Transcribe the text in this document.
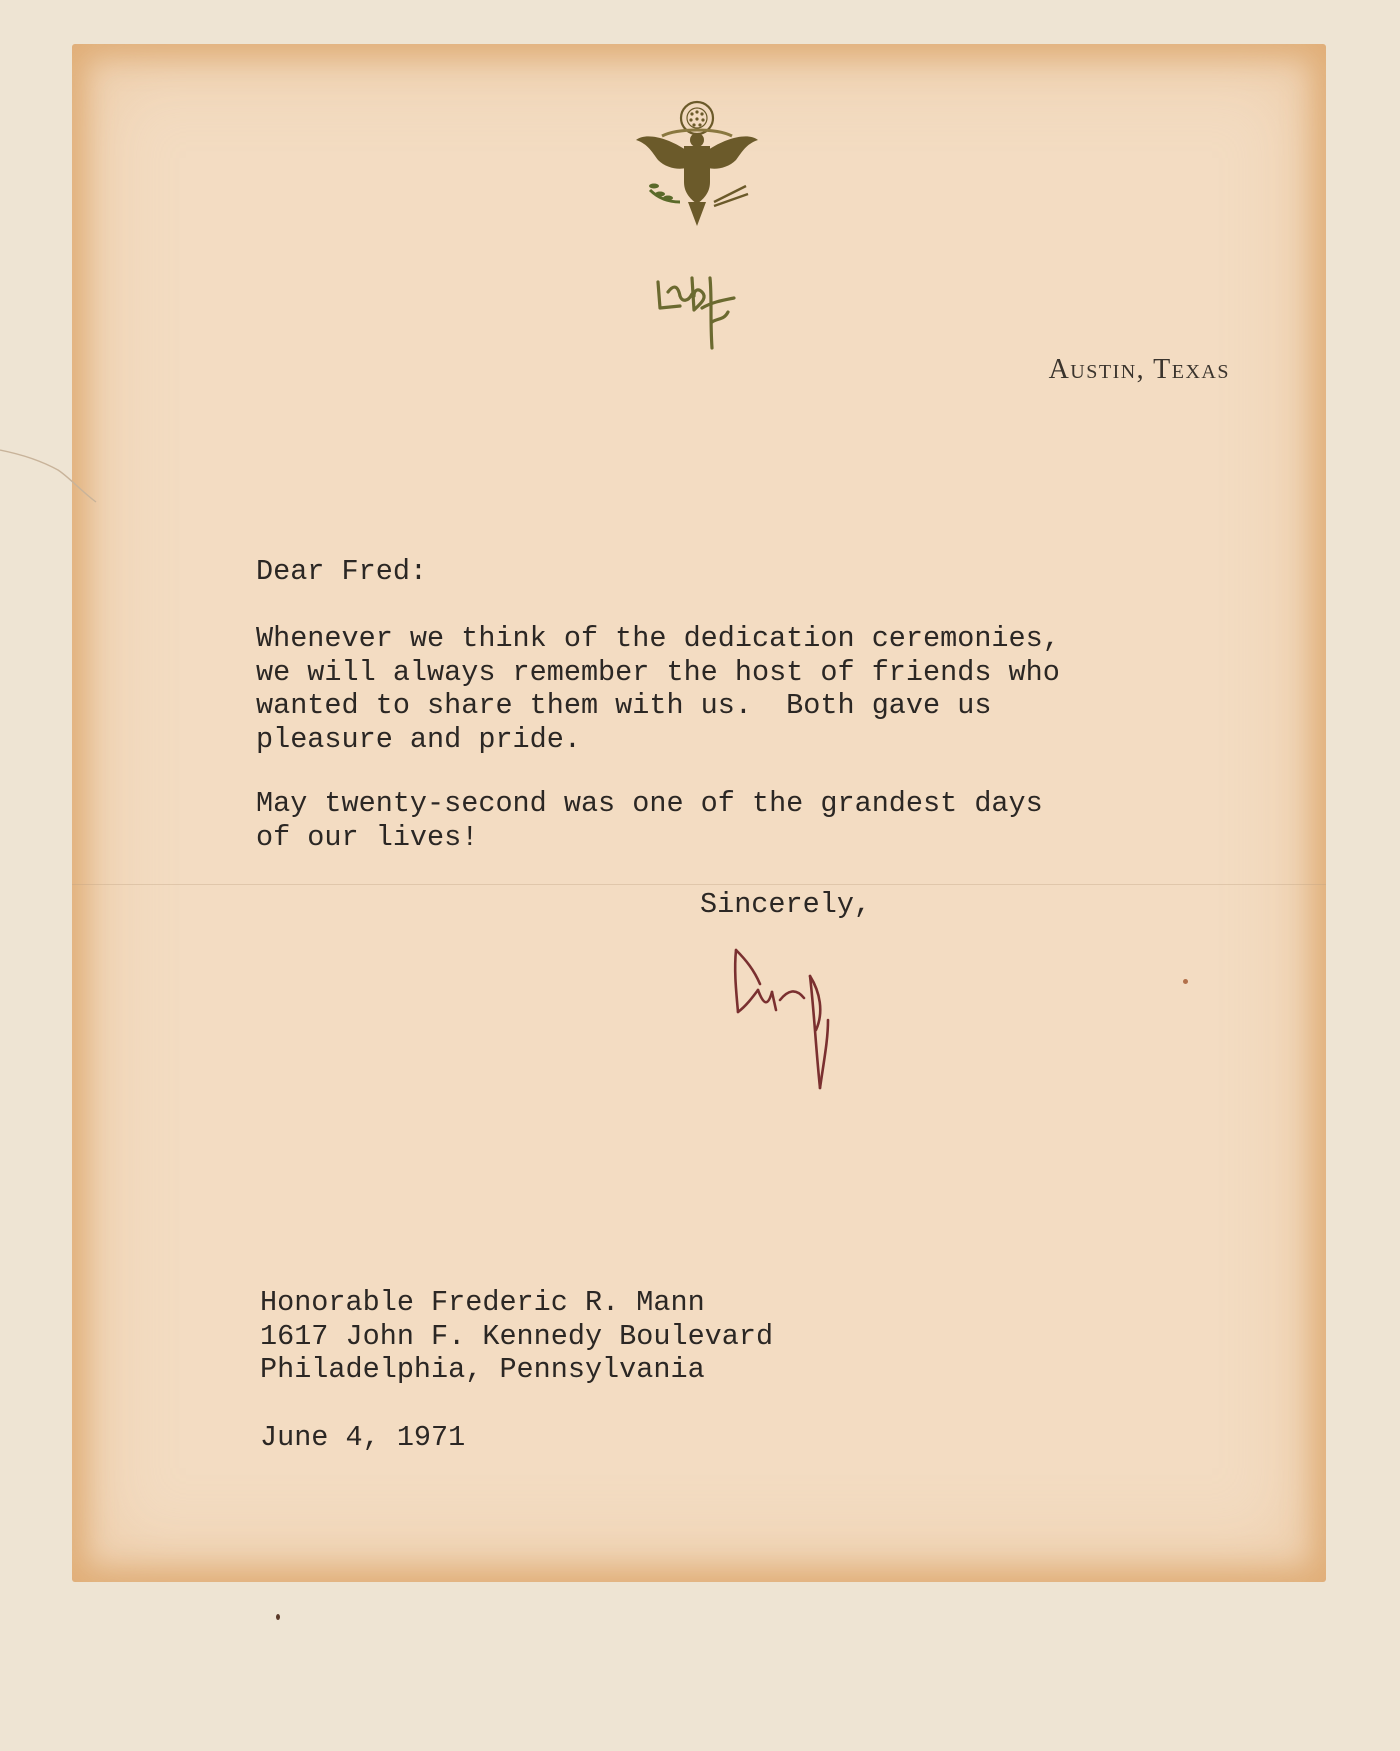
Austin, Texas

Dear Fred:

Whenever we think of the dedication ceremonies,
we will always remember the host of friends who
wanted to share them with us.  Both gave us
pleasure and pride.

May twenty-second was one of the grandest days
of our lives!

Sincerely,

Honorable Frederic R. Mann
1617 John F. Kennedy Boulevard
Philadelphia, Pennsylvania

June 4, 1971
